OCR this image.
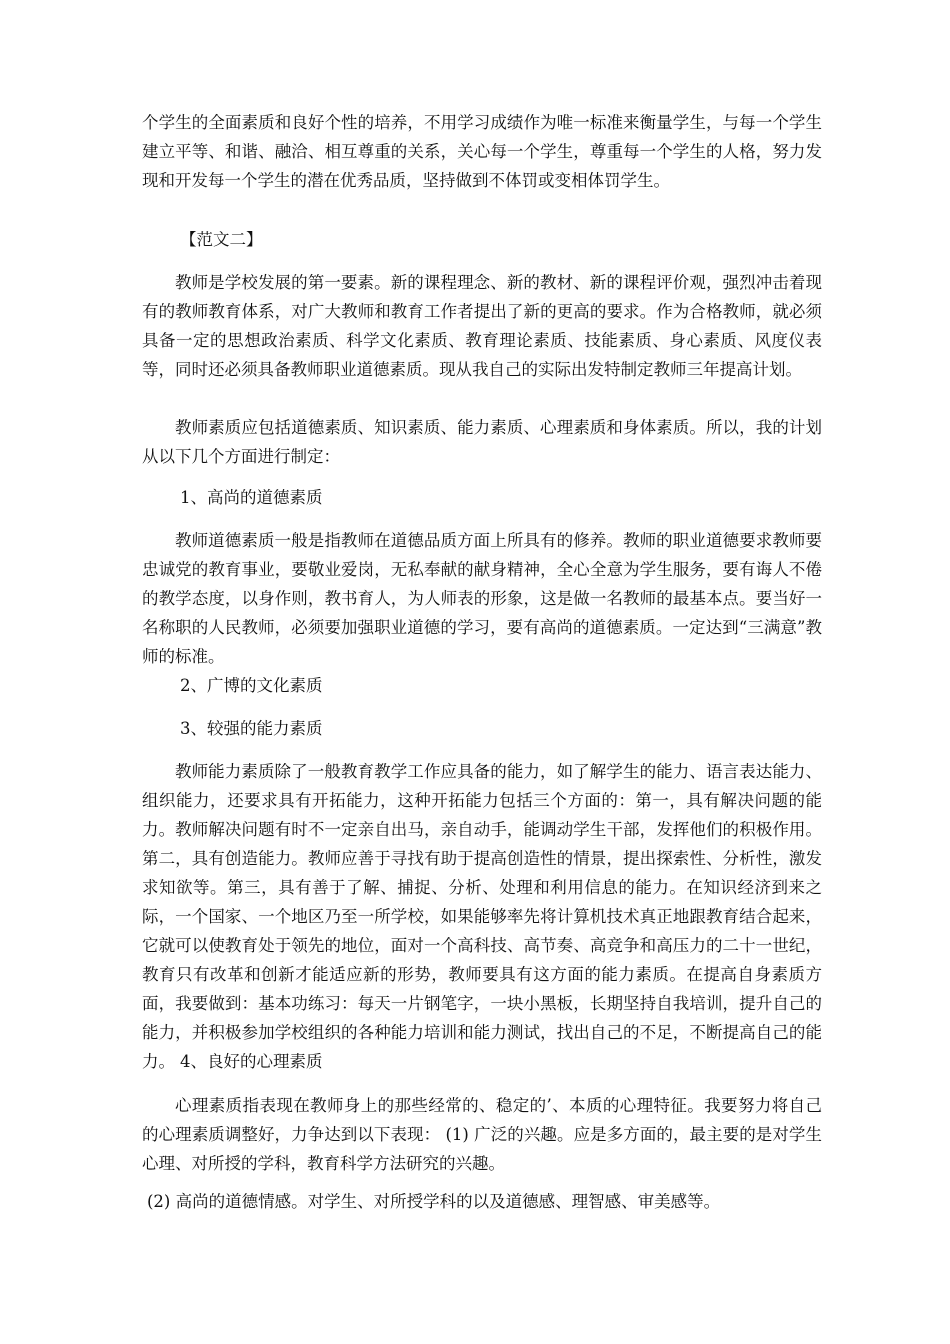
个学生的全面素质和良好个性的培养，不用学习成绩作为唯一标准来衡量学生，与每一个学生建立平等、和谐、融洽、相互尊重的关系，关心每一个学生，尊重每一个学生的人格，努力发现和开发每一个学生的潜在优秀品质，坚持做到不体罚或变相体罚学生。

【范文二】

教师是学校发展的第一要素。新的课程理念、新的教材、新的课程评价观，强烈冲击着现有的教师教育体系，对广大教师和教育工作者提出了新的更高的要求。作为合格教师，就必须具备一定的思想政治素质、科学文化素质、教育理论素质、技能素质、身心素质、风度仪表等，同时还必须具备教师职业道德素质。现从我自己的实际出发特制定教师三年提高计划。

教师素质应包括道德素质、知识素质、能力素质、心理素质和身体素质。所以，我的计划从以下几个方面进行制定：

1、高尚的道德素质

教师道德素质一般是指教师在道德品质方面上所具有的修养。教师的职业道德要求教师要忠诚党的教育事业，要敬业爱岗，无私奉献的献身精神，全心全意为学生服务，要有诲人不倦的教学态度，以身作则，教书育人，为人师表的形象，这是做一名教师的最基本点。要当好一名称职的人民教师，必须要加强职业道德的学习，要有高尚的道德素质。一定达到“三满意”教师的标准。

2、广博的文化素质

3、较强的能力素质

教师能力素质除了一般教育教学工作应具备的能力，如了解学生的能力、语言表达能力、组织能力，还要求具有开拓能力，这种开拓能力包括三个方面的：第一，具有解决问题的能力。教师解决问题有时不一定亲自出马，亲自动手，能调动学生干部，发挥他们的积极作用。第二，具有创造能力。教师应善于寻找有助于提高创造性的情景，提出探索性、分析性，激发求知欲等。第三，具有善于了解、捕捉、分析、处理和利用信息的能力。在知识经济到来之际，一个国家、一个地区乃至一所学校，如果能够率先将计算机技术真正地跟教育结合起来，它就可以使教育处于领先的地位，面对一个高科技、高节奏、高竞争和高压力的二十一世纪，教育只有改革和创新才能适应新的形势，教师要具有这方面的能力素质。在提高自身素质方面，我要做到：基本功练习：每天一片钢笔字，一块小黑板，长期坚持自我培训，提升自己的能力，并积极参加学校组织的各种能力培训和能力测试，找出自己的不足，不断提高自己的能力。 4、良好的心理素质

心理素质指表现在教师身上的那些经常的、稳定的’、本质的心理特征。我要努力将自己的心理素质调整好，力争达到以下表现： (1) 广泛的兴趣。应是多方面的，最主要的是对学生心理、对所授的学科，教育科学方法研究的兴趣。

(2) 高尚的道德情感。对学生、对所授学科的以及道德感、理智感、审美感等。
